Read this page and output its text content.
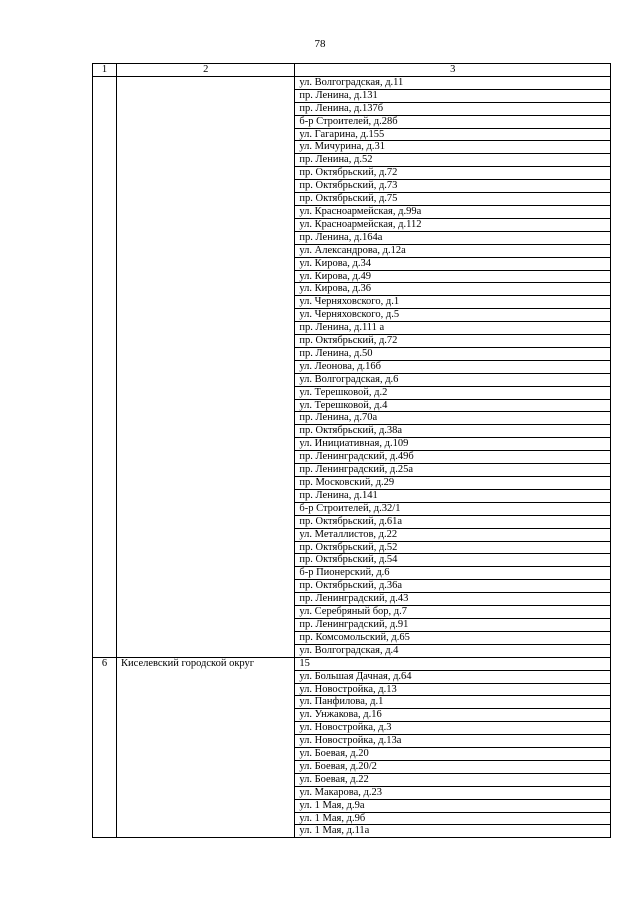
78
1	2	3
		ул. Волгоградская, д.11
		пр. Ленина, д.131
		пр. Ленина, д.137б
		б-р Строителей, д.28б
		ул. Гагарина, д.155
		ул. Мичурина, д.31
		пр. Ленина, д.52
		пр. Октябрьский, д.72
		пр. Октябрьский, д.73
		пр. Октябрьский, д.75
		ул. Красноармейская, д.99а
		ул. Красноармейская, д.112
		пр. Ленина, д.164а
		ул. Александрова, д.12а
		ул. Кирова, д.34
		ул. Кирова, д.49
		ул. Кирова, д.36
		ул. Черняховского, д.1
		ул. Черняховского, д.5
		пр. Ленина, д.111 а
		пр. Октябрьский, д.72
		пр. Ленина, д.50
		ул. Леонова, д.16б
		ул. Волгоградская, д.6
		ул. Терешковой, д.2
		ул. Терешковой, д.4
		пр. Ленина, д.70а
		пр. Октябрьский, д.38а
		ул. Инициативная, д.109
		пр. Ленинградский, д.49б
		пр. Ленинградский, д.25а
		пр. Московский, д.29
		пр. Ленина, д.141
		б-р Строителей, д.32/1
		пр. Октябрьский, д.61а
		ул. Металлистов, д.22
		пр. Октябрьский, д.52
		пр. Октябрьский, д.54
		б-р Пионерский, д.6
		пр. Октябрьский, д.36а
		пр. Ленинградский, д.43
		ул. Серебряный бор, д.7
		пр. Ленинградский, д.91
		пр. Комсомольский, д.65
		ул. Волгоградская, д.4
6	Киселевский городской округ	15
		ул. Большая Дачная, д.64
		ул. Новостройка, д.13
		ул. Панфилова, д.1
		ул. Унжакова, д.16
		ул. Новостройка, д.3
		ул. Новостройка, д.13а
		ул. Боевая, д.20
		ул. Боевая, д.20/2
		ул. Боевая, д.22
		ул. Макарова, д.23
		ул. 1 Мая, д.9а
		ул. 1 Мая, д.9б
		ул. 1 Мая, д.11а
